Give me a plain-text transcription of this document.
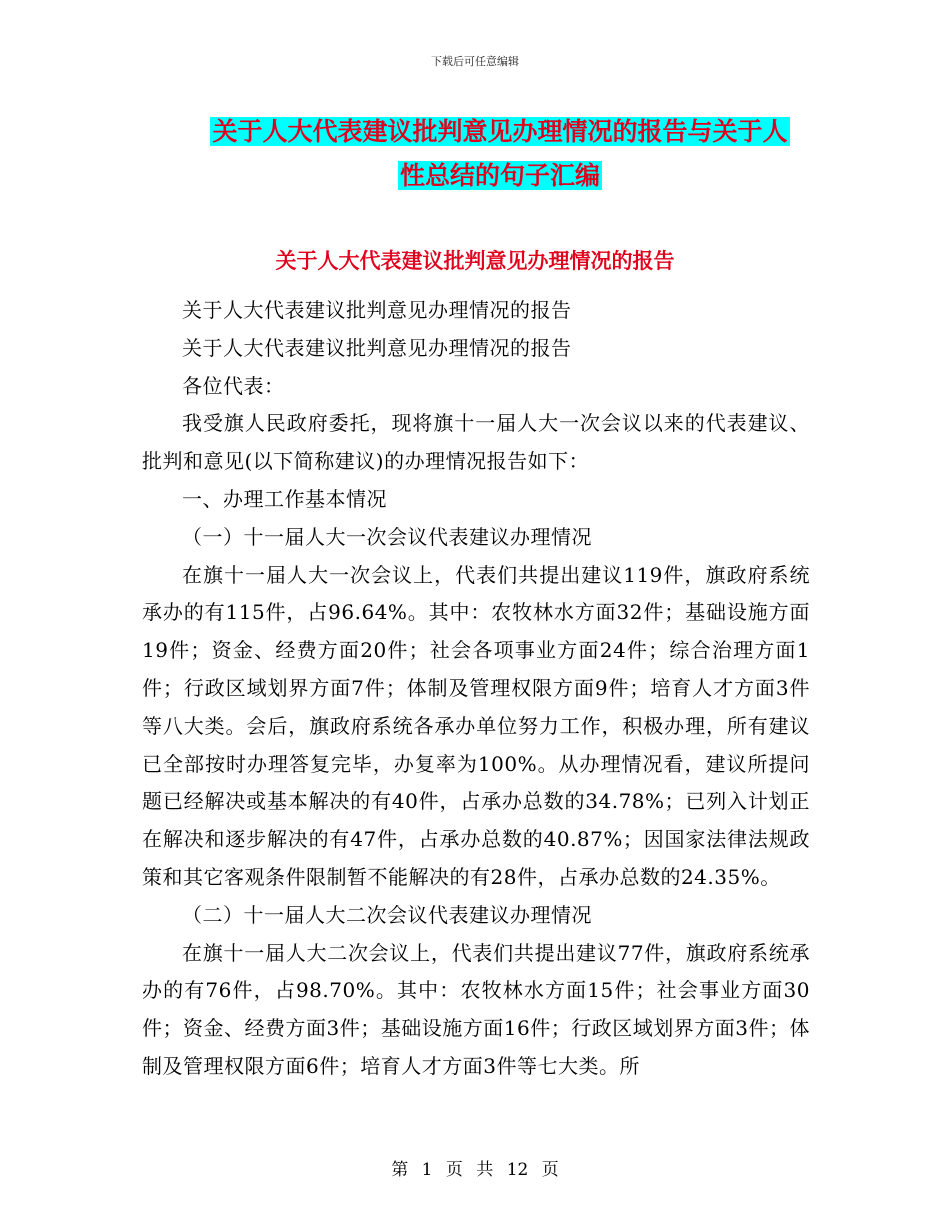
下载后可任意编辑
关于人大代表建议批判意见办理情况的报告与关于人
性总结的句子汇编
关于人大代表建议批判意见办理情况的报告

关于人大代表建议批判意见办理情况的报告

关于人大代表建议批判意见办理情况的报告

各位代表：

我受旗人民政府委托，现将旗十一届人大一次会议以来的代表建议、批判和意见(以下简称建议)的办理情况报告如下：

一、办理工作基本情况

（一）十一届人大一次会议代表建议办理情况

在旗十一届人大一次会议上，代表们共提出建议119件，旗政府系统承办的有115件，占96.64%。其中：农牧林水方面32件；基础设施方面19件；资金、经费方面20件；社会各项事业方面24件；综合治理方面1件；行政区域划界方面7件；体制及管理权限方面9件；培育人才方面3件等八大类。会后，旗政府系统各承办单位努力工作，积极办理，所有建议已全部按时办理答复完毕，办复率为100%。从办理情况看，建议所提问题已经解决或基本解决的有40件，占承办总数的34.78%；已列入计划正在解决和逐步解决的有47件，占承办总数的40.87%；因国家法律法规政策和其它客观条件限制暂不能解决的有28件，占承办总数的24.35%。

（二）十一届人大二次会议代表建议办理情况

在旗十一届人大二次会议上，代表们共提出建议77件，旗政府系统承办的有76件，占98.70%。其中：农牧林水方面15件；社会事业方面30件；资金、经费方面3件；基础设施方面16件；行政区域划界方面3件；体制及管理权限方面6件；培育人才方面3件等七大类。所

第 1 页 共 12 页
